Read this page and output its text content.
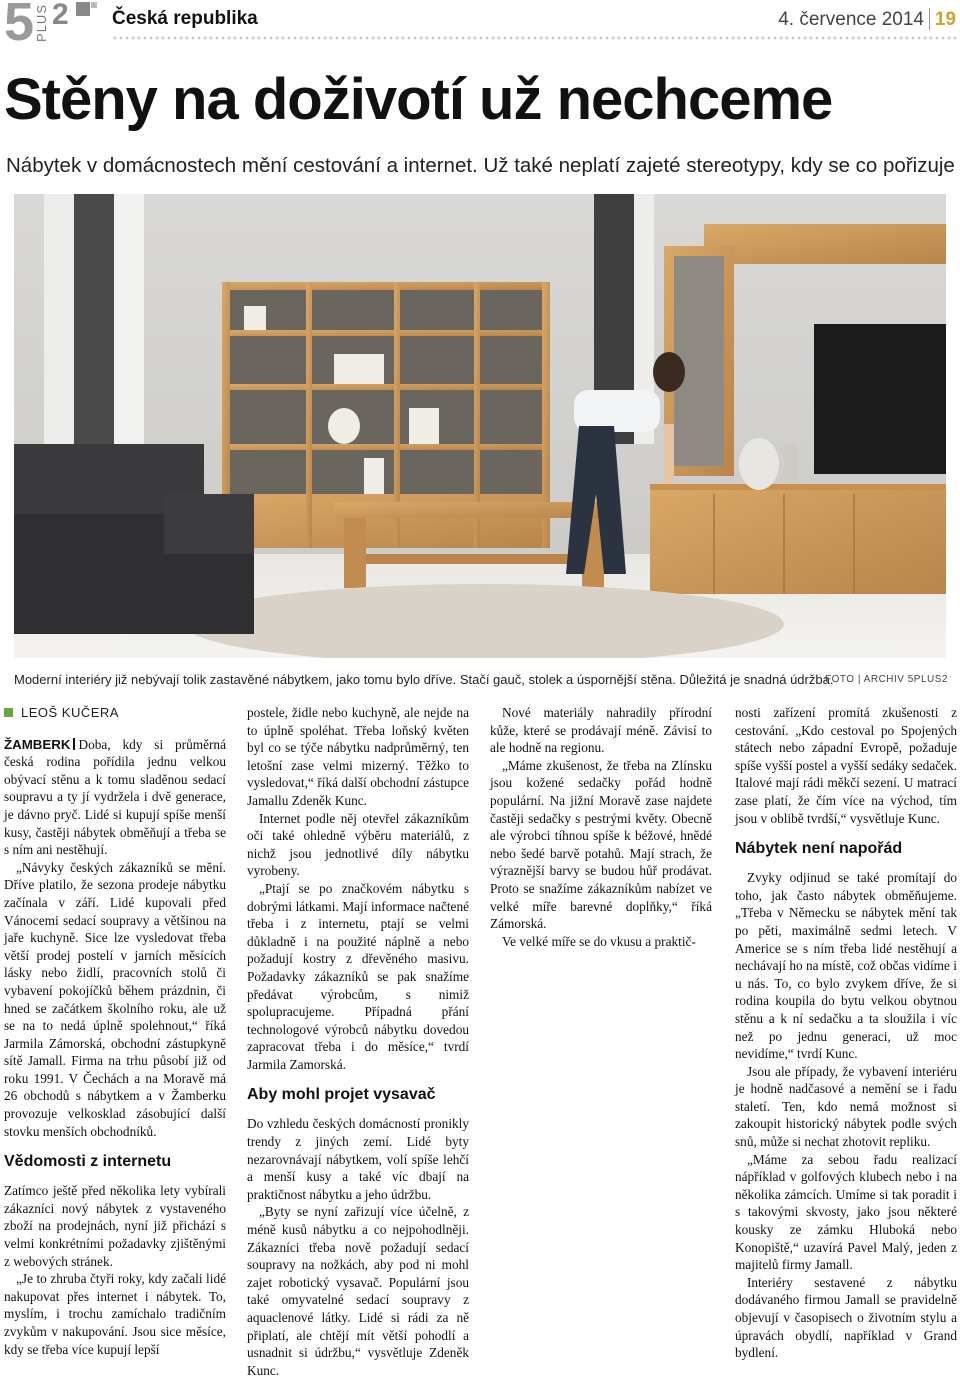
5 PLUS 2 Česká republika	4. července 2014 19
Stěny na doživotí už nechceme
Nábytek v domácnostech mění cestování a internet. Už také neplatí zajeté stereotypy, kdy se co pořizuje
Moderní interiéry již nebývají tolik zastavěné nábytkem, jako tomu bylo dříve. Stačí gauč, stolek a úspornější stěna. Důležitá je snadná údržba.
FOTO | ARCHIV 5PLUS2
LEOŠ KUČERA

ŽAMBERK Doba, kdy si průměrná česká rodina pořídila jednu velkou obývací stěnu a k tomu sladěnou sedací soupravu a ty jí vydržela i dvě generace, je dávno pryč. Lidé si kupují spíše menší kusy, častěji nábytek obměňují a třeba se s ním ani nestěhují.

„Návyky českých zákazníků se mění. Dříve platilo, že sezona prodeje nábytku začínala v září. Lidé kupovali před Vánocemi sedací soupravy a většinou na jaře kuchyně. Sice lze vysledovat třeba větší prodej postelí v jarních měsících lásky nebo židlí, pracovních stolů či vybavení pokojíčků během prázdnin, či hned se začátkem školního roku, ale už se na to nedá úplně spolehnout,“ říká Jarmila Zámorská, obchodní zástupkyně sítě Jamall. Firma na trhu působí již od roku 1991. V Čechách a na Moravě má 26 obchodů s nábytkem a v Žamberku provozuje velkosklad zásobující další stovku menších obchodníků.

Vědomosti z internetu

Zatímco ještě před několika lety vybírali zákazníci nový nábytek z vystaveného zboží na prodejnách, nyní již přichází s velmi konkrétními požadavky zjištěnými z webových stránek.

„Je to zhruba čtyři roky, kdy začali lidé nakupovat přes internet i nábytek. To, myslím, i trochu zamíchalo tradičním zvykům v nakupování. Jsou sice měsíce, kdy se třeba více kupují lepší

postele, židle nebo kuchyně, ale nejde na to úplně spoléhat. Třeba loňský květen byl co se týče nábytku nadprůměrný, ten letošní zase velmi mizerný. Těžko to vysledovat,“ říká další obchodní zástupce Jamallu Zdeněk Kunc.

Internet podle něj otevřel zákazníkům oči také ohledně výběru materiálů, z nichž jsou jednotlivé díly nábytku vyrobeny.

„Ptají se po značkovém nábytku s dobrými látkami. Mají informace načtené třeba i z internetu, ptají se velmi důkladně i na použité náplně a nebo požadují kostry z dřevěného masivu. Požadavky zákazníků se pak snažíme předávat výrobcům, s nimiž spolupracujeme. Případná přání technologové výrobců nábytku dovedou zapracovat třeba i do měsíce,“ tvrdí Jarmila Zamorská.

Aby mohl projet vysavač

Do vzhledu českých domácností pronikly trendy z jiných zemí. Lidé byty nezarovnávají nábytkem, volí spíše lehčí a menší kusy a také víc dbají na praktičnost nábytku a jeho údržbu.

„Byty se nyní zařizují více účelně, z méně kusů nábytku a co nejpohodlněji. Zákazníci třeba nově požadují sedací soupravy na nožkách, aby pod ni mohl zajet robotický vysavač. Populární jsou také omyvatelné sedací soupravy z aquaclenové látky. Lidé si rádi za ně připlatí, ale chtějí mít větší pohodlí a usnadnit si údržbu,“ vysvětluje Zdeněk Kunc.

Nové materiály nahradily přírodní kůže, které se prodávají méně. Závisí to ale hodně na regionu.

„Máme zkušenost, že třeba na Zlínsku jsou kožené sedačky pořád hodně populární. Na jižní Moravě zase najdete častěji sedačky s pestrými květy. Obecně ale výrobci tíhnou spíše k béžové, hnědé nebo šedé barvě potahů. Mají strach, že výraznější barvy se budou hůř prodávat. Proto se snažíme zákazníkům nabízet ve velké míře barevné doplňky,“ říká Zámorská.

Ve velké míře se do vkusu a praktič-

nosti zařízení promítá zkušenosti z cestování. „Kdo cestoval po Spojených státech nebo západní Evropě, požaduje spíše vyšší postel a vyšší sedáky sedaček. Italové mají rádi měkčí sezení. U matrací zase platí, že čím více na východ, tím jsou v oblibě tvrdší,“ vysvětluje Kunc.

Nábytek není napořád

Zvyky odjinud se také promítají do toho, jak často nábytek obměňujeme. „Třeba v Německu se nábytek mění tak po pěti, maximálně sedmi letech. V Americe se s ním třeba lidé nestěhují a nechávají ho na místě, což občas vidíme i u nás. To, co bylo zvykem dříve, že si rodina koupila do bytu velkou obytnou stěnu a k ní sedačku a ta sloužila i víc než po jednu generaci, už moc nevidíme,“ tvrdí Kunc.

Jsou ale případy, že vybavení interiéru je hodně nadčasové a nemění se i řadu staletí. Ten, kdo nemá možnost si zakoupit historický nábytek podle svých snů, může si nechat zhotovit repliku.

„Máme za sebou řadu realizací nápříklad v golfových klubech nebo i na několika zámcích. Umíme si tak poradit i s takovými skvosty, jako jsou některé kousky ze zámku Hluboká nebo Konopiště,“ uzavírá Pavel Malý, jeden z majitelů firmy Jamall.

Interiéry sestavené z nábytku dodávaného firmou Jamall se pravidelně objevují v časopisech o životním stylu a úpravách obydlí, například v Grand bydlení.
